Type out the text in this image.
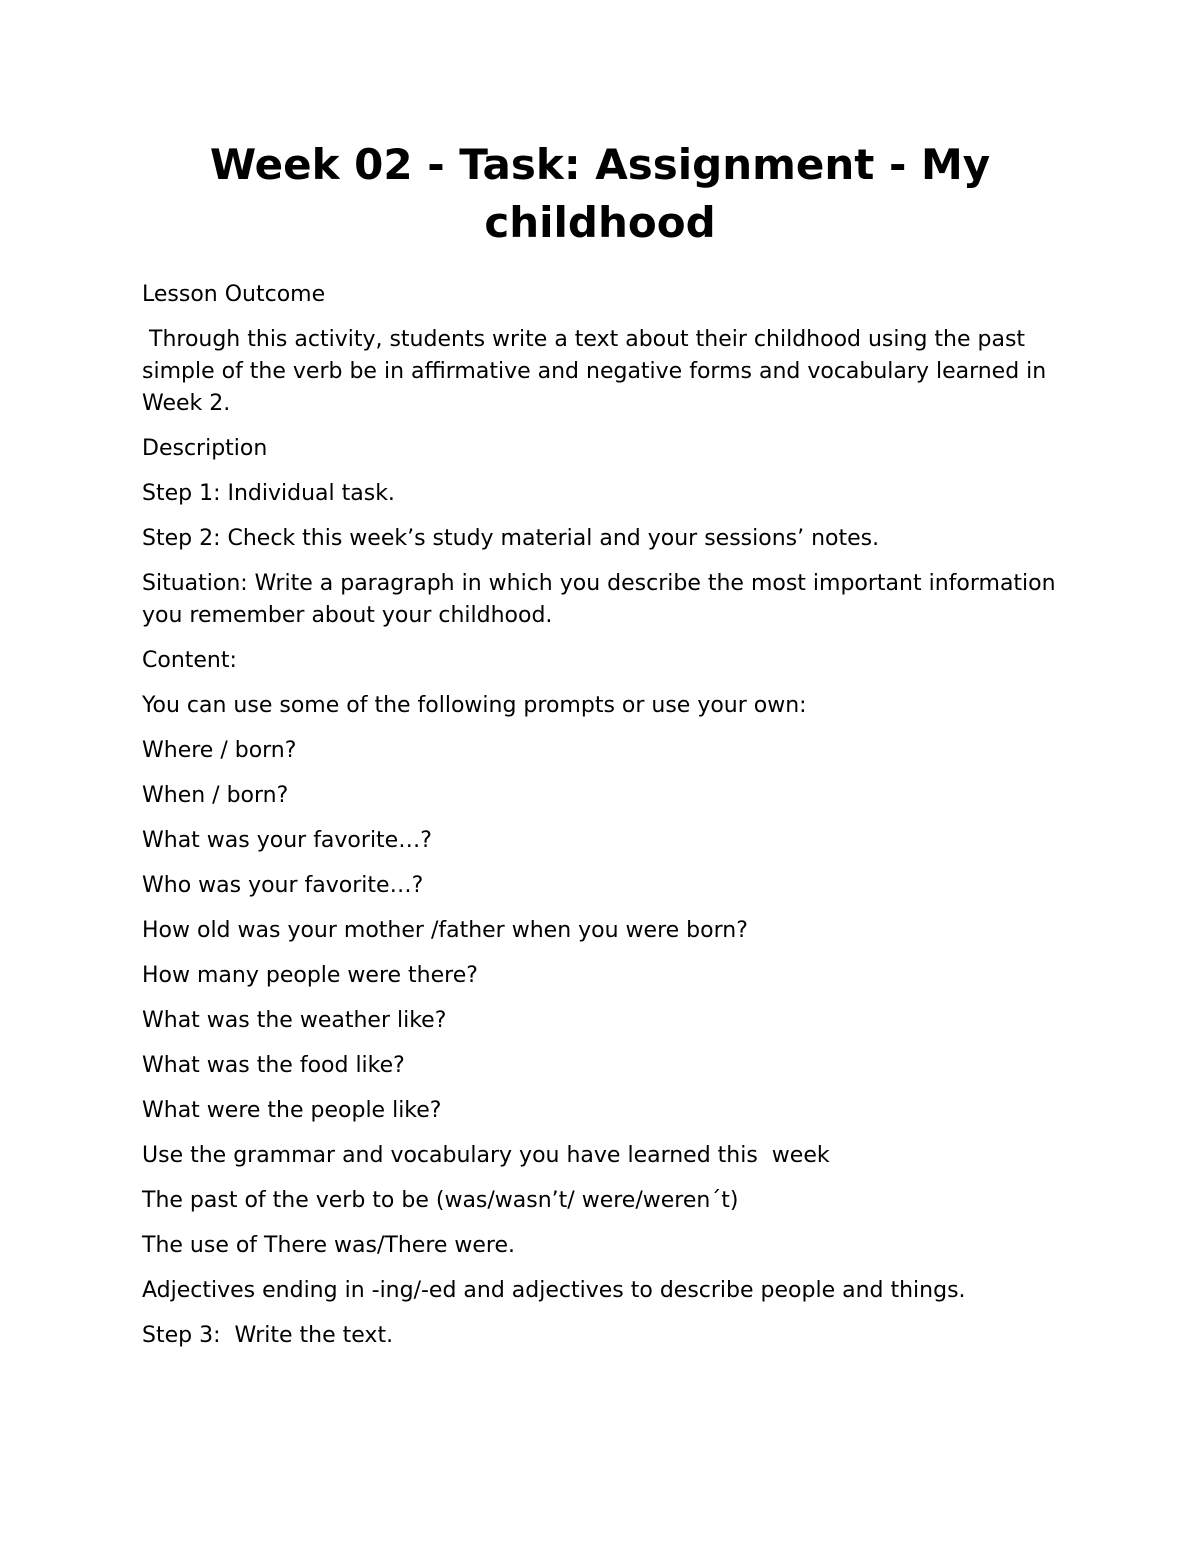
Week 02 - Task: Assignment - My childhood

Lesson Outcome

Through this activity, students write a text about their childhood using the past simple of the verb be in affirmative and negative forms and vocabulary learned in Week 2.

Description

Step 1: Individual task.

Step 2: Check this week’s study material and your sessions’ notes.

Situation: Write a paragraph in which you describe the most important information you remember about your childhood.

Content:

You can use some of the following prompts or use your own:

Where / born?

When / born?

What was your favorite…?

Who was your favorite…?

How old was your mother /father when you were born?

How many people were there?

What was the weather like?

What was the food like?

What were the people like?

Use the grammar and vocabulary you have learned this  week

The past of the verb to be (was/wasn’t/ were/weren´t)

The use of There was/There were.

Adjectives ending in -ing/-ed and adjectives to describe people and things.

Step 3:  Write the text.
